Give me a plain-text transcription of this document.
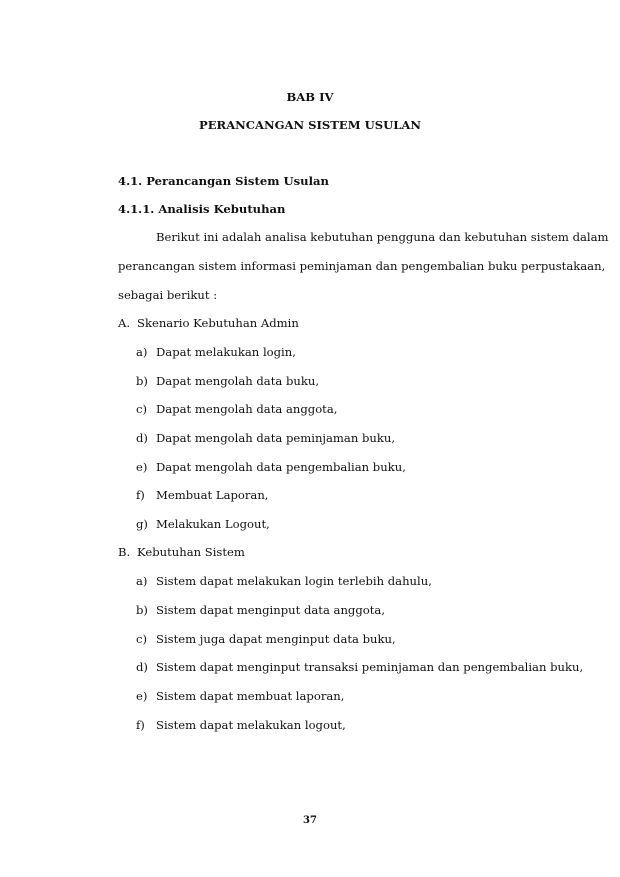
BAB IV
PERANCANGAN SISTEM USULAN
4.1. Perancangan Sistem Usulan
4.1.1. Analisis Kebutuhan
Berikut ini adalah analisa kebutuhan pengguna dan kebutuhan sistem dalam
perancangan sistem informasi peminjaman dan pengembalian buku perpustakaan,
sebagai berikut :
A. Skenario Kebutuhan Admin
a) Dapat melakukan login,
b) Dapat mengolah data buku,
c) Dapat mengolah data anggota,
d) Dapat mengolah data peminjaman buku,
e) Dapat mengolah data pengembalian buku,
f) Membuat Laporan,
g) Melakukan Logout,
B. Kebutuhan Sistem
a) Sistem dapat melakukan login terlebih dahulu,
b) Sistem dapat menginput data anggota,
c) Sistem juga dapat menginput data buku,
d) Sistem dapat menginput transaksi peminjaman dan pengembalian buku,
e) Sistem dapat membuat laporan,
f) Sistem dapat melakukan logout,
37
